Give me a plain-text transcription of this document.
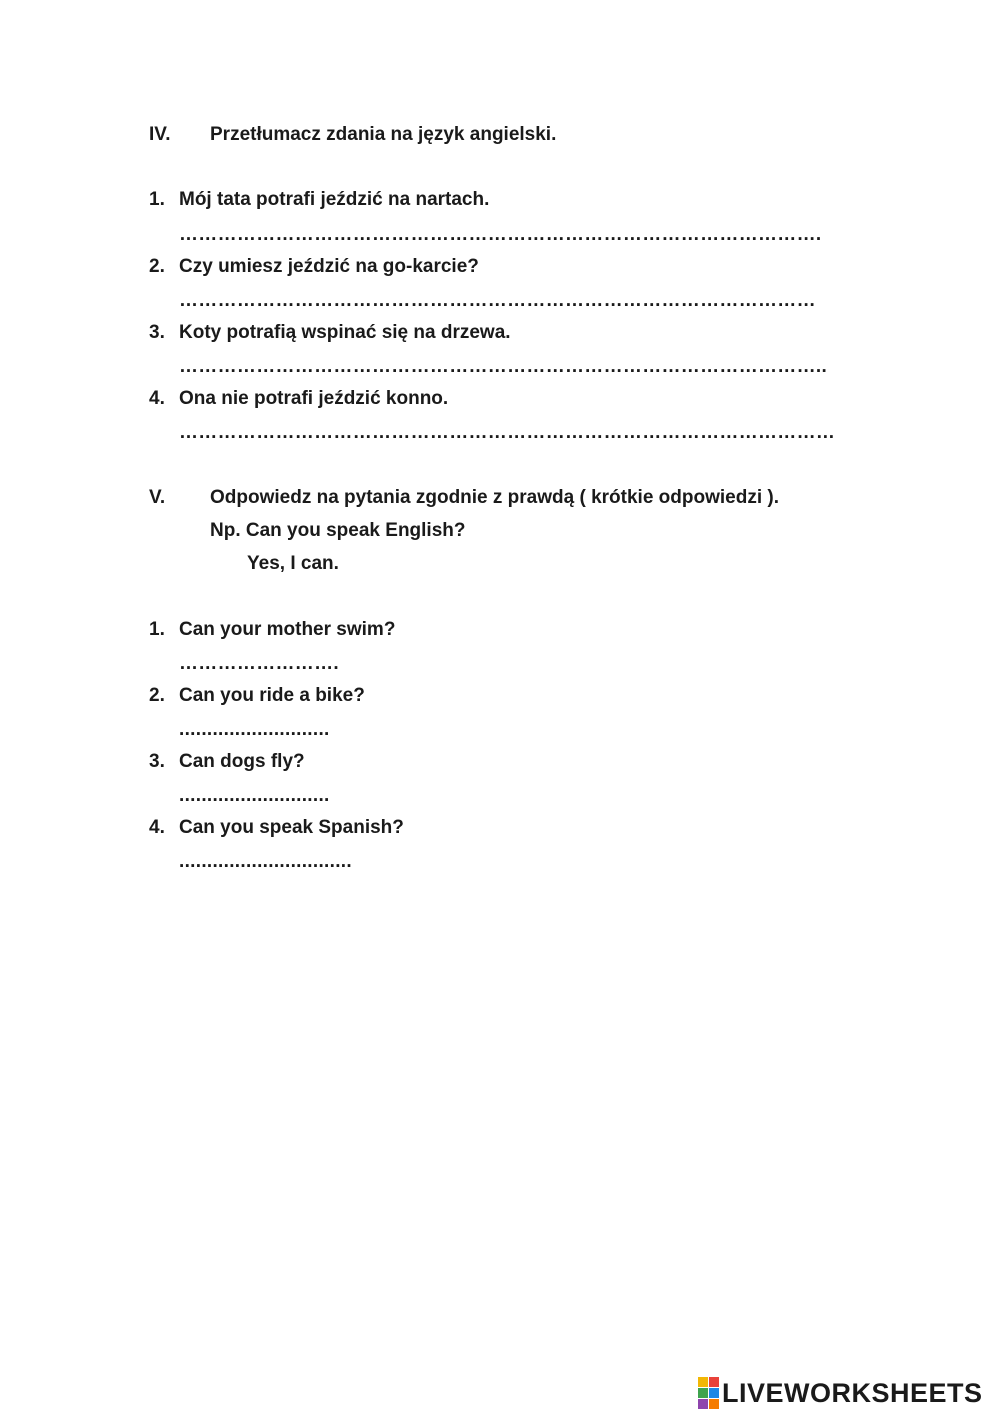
IV. Przetłumacz zdania na język angielski.
1. Mój tata potrafi jeździć na nartach.
……………………………………………………………………………………….
2. Czy umiesz jeździć na go-karcie?
………………………………………………………………………………………
3. Koty potrafią wspinać się na drzewa.
………………………………………………………………………………………..
4. Ona nie potrafi jeździć konno.
…………………………………………………………………………………………
V. Odpowiedz na pytania zgodnie z prawdą ( krótkie odpowiedzi ).
Np. Can you speak English?
Yes, I can.
1. Can your mother swim?
…………………….
2. Can you ride a bike?
...........................
3. Can dogs fly?
...........................
4. Can you speak Spanish?
...............................
LIVEWORKSHEETS
